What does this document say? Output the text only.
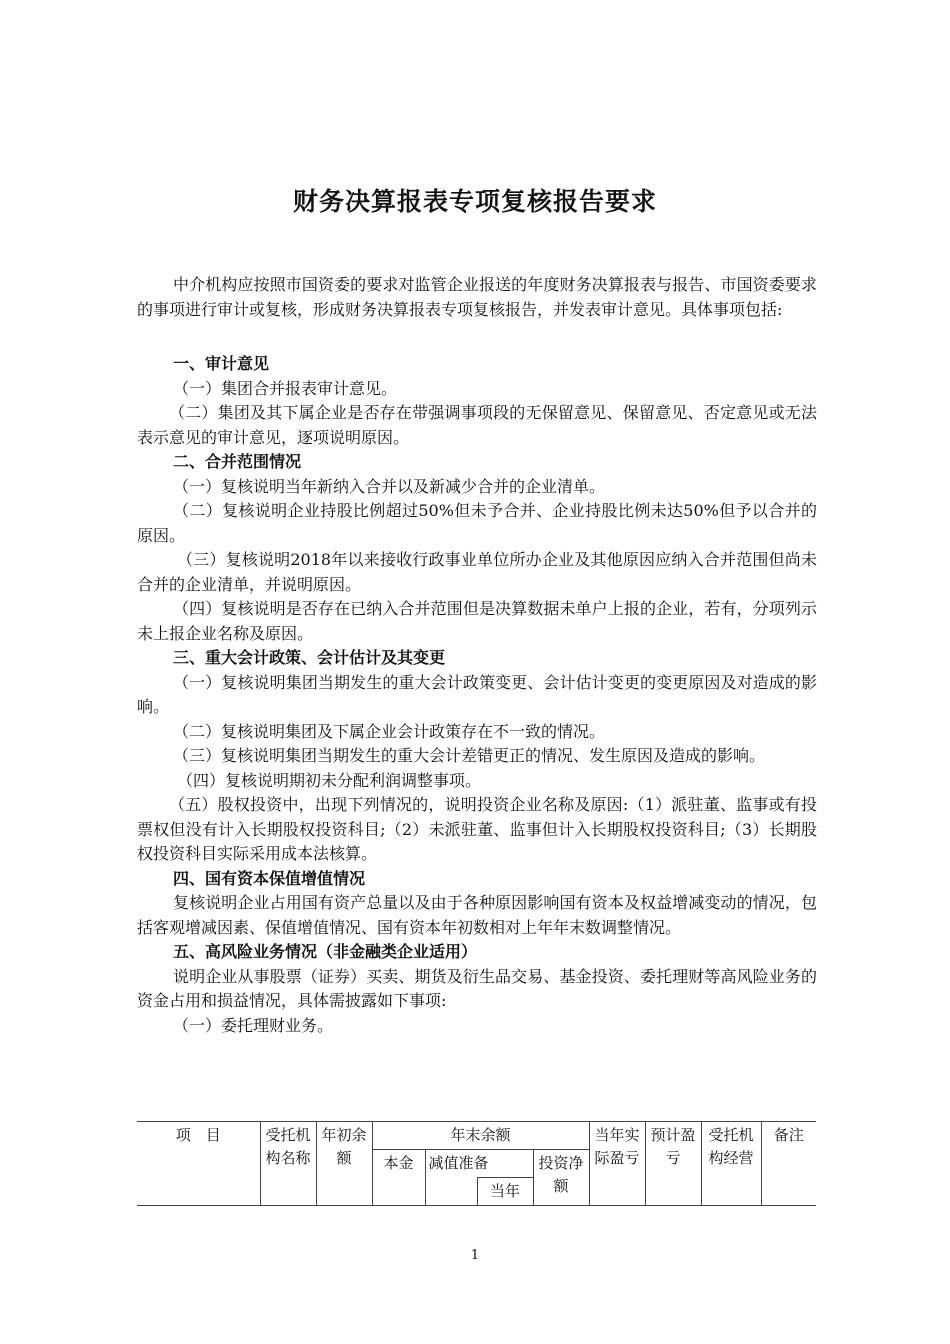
财务决算报表专项复核报告要求

中介机构应按照市国资委的要求对监管企业报送的年度财务决算报表与报告、市国资委要求的事项进行审计或复核，形成财务决算报表专项复核报告，并发表审计意见。具体事项包括:

一、审计意见

（一）集团合并报表审计意见。

（二）集团及其下属企业是否存在带强调事项段的无保留意见、保留意见、否定意见或无法表示意见的审计意见，逐项说明原因。

二、合并范围情况

（一）复核说明当年新纳入合并以及新减少合并的企业清单。

（二）复核说明企业持股比例超过50%但未予合并、企业持股比例未达50%但予以合并的原因。

（三）复核说明2018年以来接收行政事业单位所办企业及其他原因应纳入合并范围但尚未合并的企业清单，并说明原因。

（四）复核说明是否存在已纳入合并范围但是决算数据未单户上报的企业，若有，分项列示未上报企业名称及原因。

三、重大会计政策、会计估计及其变更

（一）复核说明集团当期发生的重大会计政策变更、会计估计变更的变更原因及对造成的影响。

（二）复核说明集团及下属企业会计政策存在不一致的情况。

（三）复核说明集团当期发生的重大会计差错更正的情况、发生原因及造成的影响。

（四）复核说明期初未分配利润调整事项。

（五）股权投资中，出现下列情况的，说明投资企业名称及原因:（1）派驻董、监事或有投票权但没有计入长期股权投资科目;（2）未派驻董、监事但计入长期股权投资科目;（3）长期股权投资科目实际采用成本法核算。

四、国有资本保值增值情况

复核说明企业占用国有资产总量以及由于各种原因影响国有资本及权益增减变动的情况，包括客观增减因素、保值增值情况、国有资本年初数相对上年年末数调整情况。

五、高风险业务情况（非金融类企业适用）

说明企业从事股票（证券）买卖、期货及衍生品交易、基金投资、委托理财等高风险业务的资金占用和损益情况，具体需披露如下事项:

（一）委托理财业务。

项　目	受托机构名称	年初余额	年末余额				当年实际盈亏	预计盈亏	受托机构经营	备注
			本金	减值准备		投资净额				
					当年					
1
